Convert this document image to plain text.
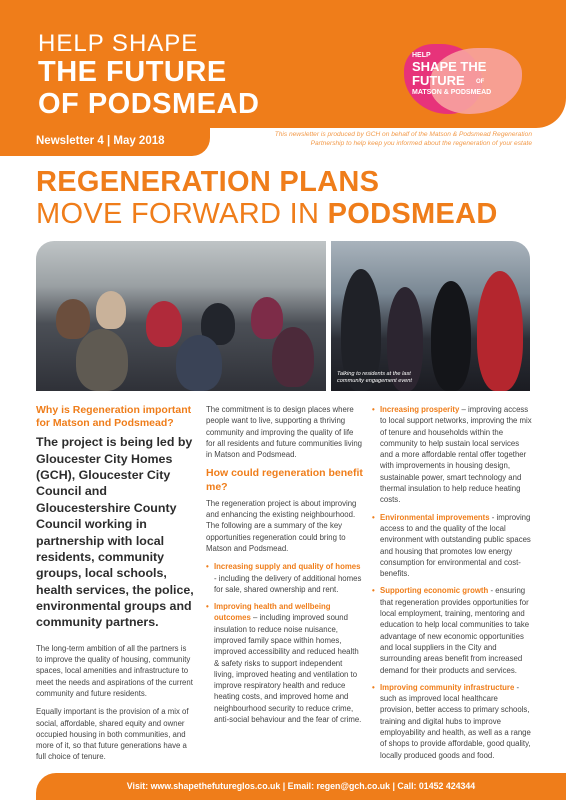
HELP SHAPE
THE FUTURE
OF PODSMEAD
HELP
SHAPE THE
FUTURE OF
MATSON & PODSMEAD
Newsletter 4 | May 2018
This newsletter is produced by GCH on behalf of the Matson & Podsmead Regeneration Partnership to help keep you informed about the regeneration of your estate
REGENERATION PLANS
MOVE FORWARD IN PODSMEAD
Talking to residents at the last community engagement event
Why is Regeneration important for Matson and Podsmead?
The project is being led by Gloucester City Homes (GCH), Gloucester City Council and Gloucestershire County Council working in partnership with local residents, community groups, local schools, health services, the police, environmental groups and community partners.
The long-term ambition of all the partners is to improve the quality of housing, community spaces, local amenities and infrastructure to meet the needs and aspirations of the current community and future residents.
Equally important is the provision of a mix of social, affordable, shared equity and owner occupied housing in both communities, and more of it, so that future generations have a full choice of tenure.
The commitment is to design places where people want to live, supporting a thriving community and improving the quality of life for all residents and future communities living in Matson and Podsmead.
How could regeneration benefit me?
The regeneration project is about improving and enhancing the existing neighbourhood. The following are a summary of the key opportunities regeneration could bring to Matson and Podsmead.
• Increasing supply and quality of homes - including the delivery of additional homes for sale, shared ownership and rent.
• Improving health and wellbeing outcomes – including improved sound insulation to reduce noise nuisance, improved family space within homes, improved accessibility and reduced health & safety risks to support independent living, improved heating and ventilation to improve respiratory health and reduce heating costs, and improved home and neighbourhood security to reduce crime, anti-social behaviour and the fear of crime.
• Increasing prosperity – improving access to local support networks, improving the mix of tenure and households within the community to help sustain local services and a more affordable rental offer together with improvements in housing design, sustainable power, smart technology and thermal insulation to help reduce heating costs.
• Environmental improvements - improving access to and the quality of the local environment with outstanding public spaces and housing that promotes low energy consumption for environmental and cost-benefits.
• Supporting economic growth - ensuring that regeneration provides opportunities for local employment, training, mentoring and education to help local communities to take advantage of new economic opportunities and local suppliers in the City and surrounding areas benefit from increased demand for their products and services.
• Improving community infrastructure - such as improved local healthcare provision, better access to primary schools, training and digital hubs to improve employability and health, as well as a range of shops to provide affordable, good quality, locally produced goods and food.
Visit: www.shapethefutureglos.co.uk | Email: regen@gch.co.uk | Call: 01452 424344
